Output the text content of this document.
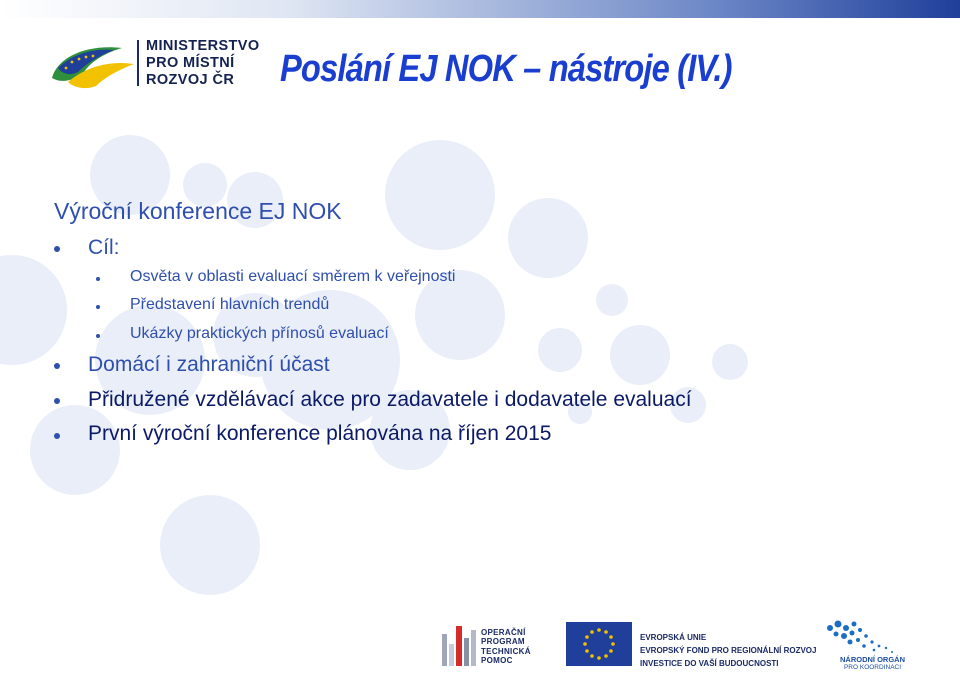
MINISTERSTVO
PRO MÍSTNÍ
ROZVOJ ČR	Poslání EJ NOK – nástroje (IV.)
Výroční konference EJ NOK
Cíl:
Osvěta v oblasti evaluací směrem k veřejnosti
Představení hlavních trendů
Ukázky praktických přínosů evaluací
Domácí i zahraniční účast
Přidružené vzdělávací akce pro zadavatele i dodavatele evaluací
První výroční konference plánována na říjen 2015
OPERAČNÍ
PROGRAM
TECHNICKÁ
POMOC
EVROPSKÁ UNIE
EVROPSKÝ FOND PRO REGIONÁLNÍ ROZVOJ
INVESTICE DO VAŠÍ BUDOUCNOSTI	NÁRODNÍ ORGÁN
PRO KOORDINACI
